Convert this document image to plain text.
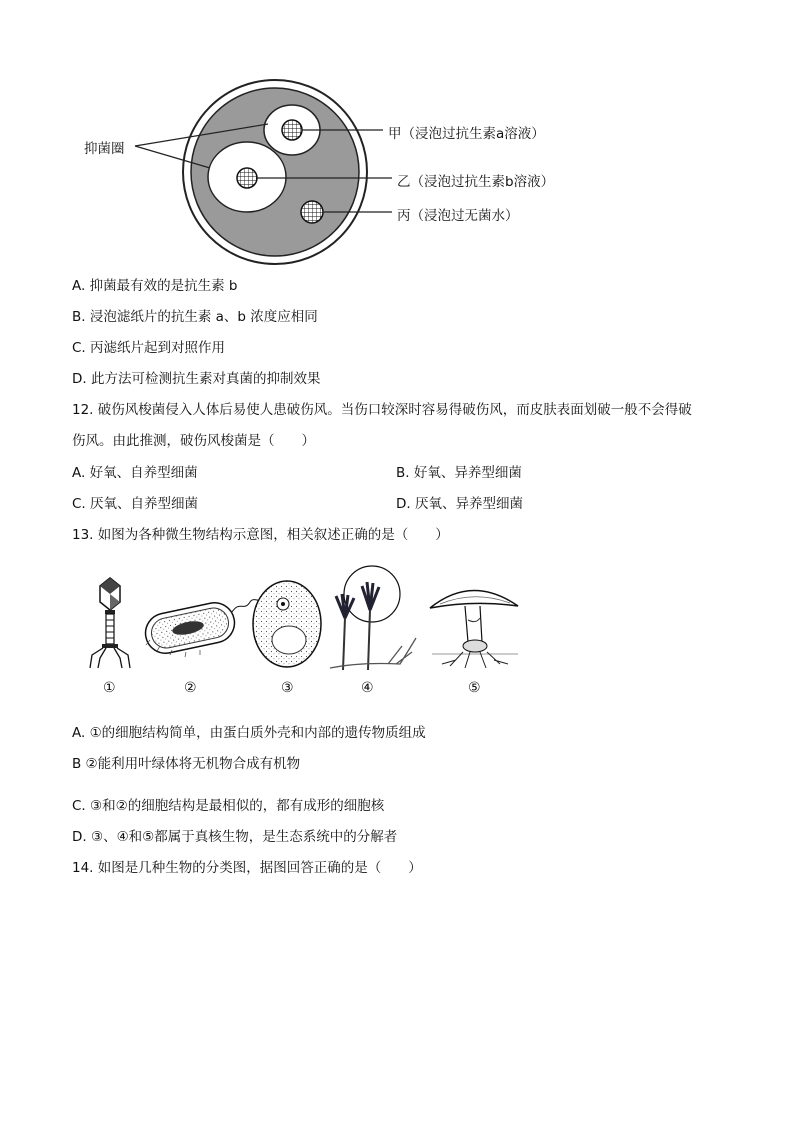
抑菌圈
甲（浸泡过抗生素a溶液）
乙（浸泡过抗生素b溶液）
丙（浸泡过无菌水）
A. 抑菌最有效的是抗生素 b
B. 浸泡滤纸片的抗生素 a、b 浓度应相同
C. 丙滤纸片起到对照作用
D. 此方法可检测抗生素对真菌的抑制效果
12. 破伤风梭菌侵入人体后易使人患破伤风。当伤口较深时容易得破伤风，而皮肤表面划破一般不会得破
伤风。由此推测，破伤风梭菌是（　　）
A. 好氧、自养型细菌	B. 好氧、异养型细菌
C. 厌氧、自养型细菌	D. 厌氧、异养型细菌
13. 如图为各种微生物结构示意图，相关叙述正确的是（　　）
①	②	③	④	⑤
A. ①的细胞结构简单，由蛋白质外壳和内部的遗传物质组成
B ②能利用叶绿体将无机物合成有机物
C. ③和②的细胞结构是最相似的，都有成形的细胞核
D. ③、④和⑤都属于真核生物，是生态系统中的分解者
14. 如图是几种生物的分类图，据图回答正确的是（　　）
